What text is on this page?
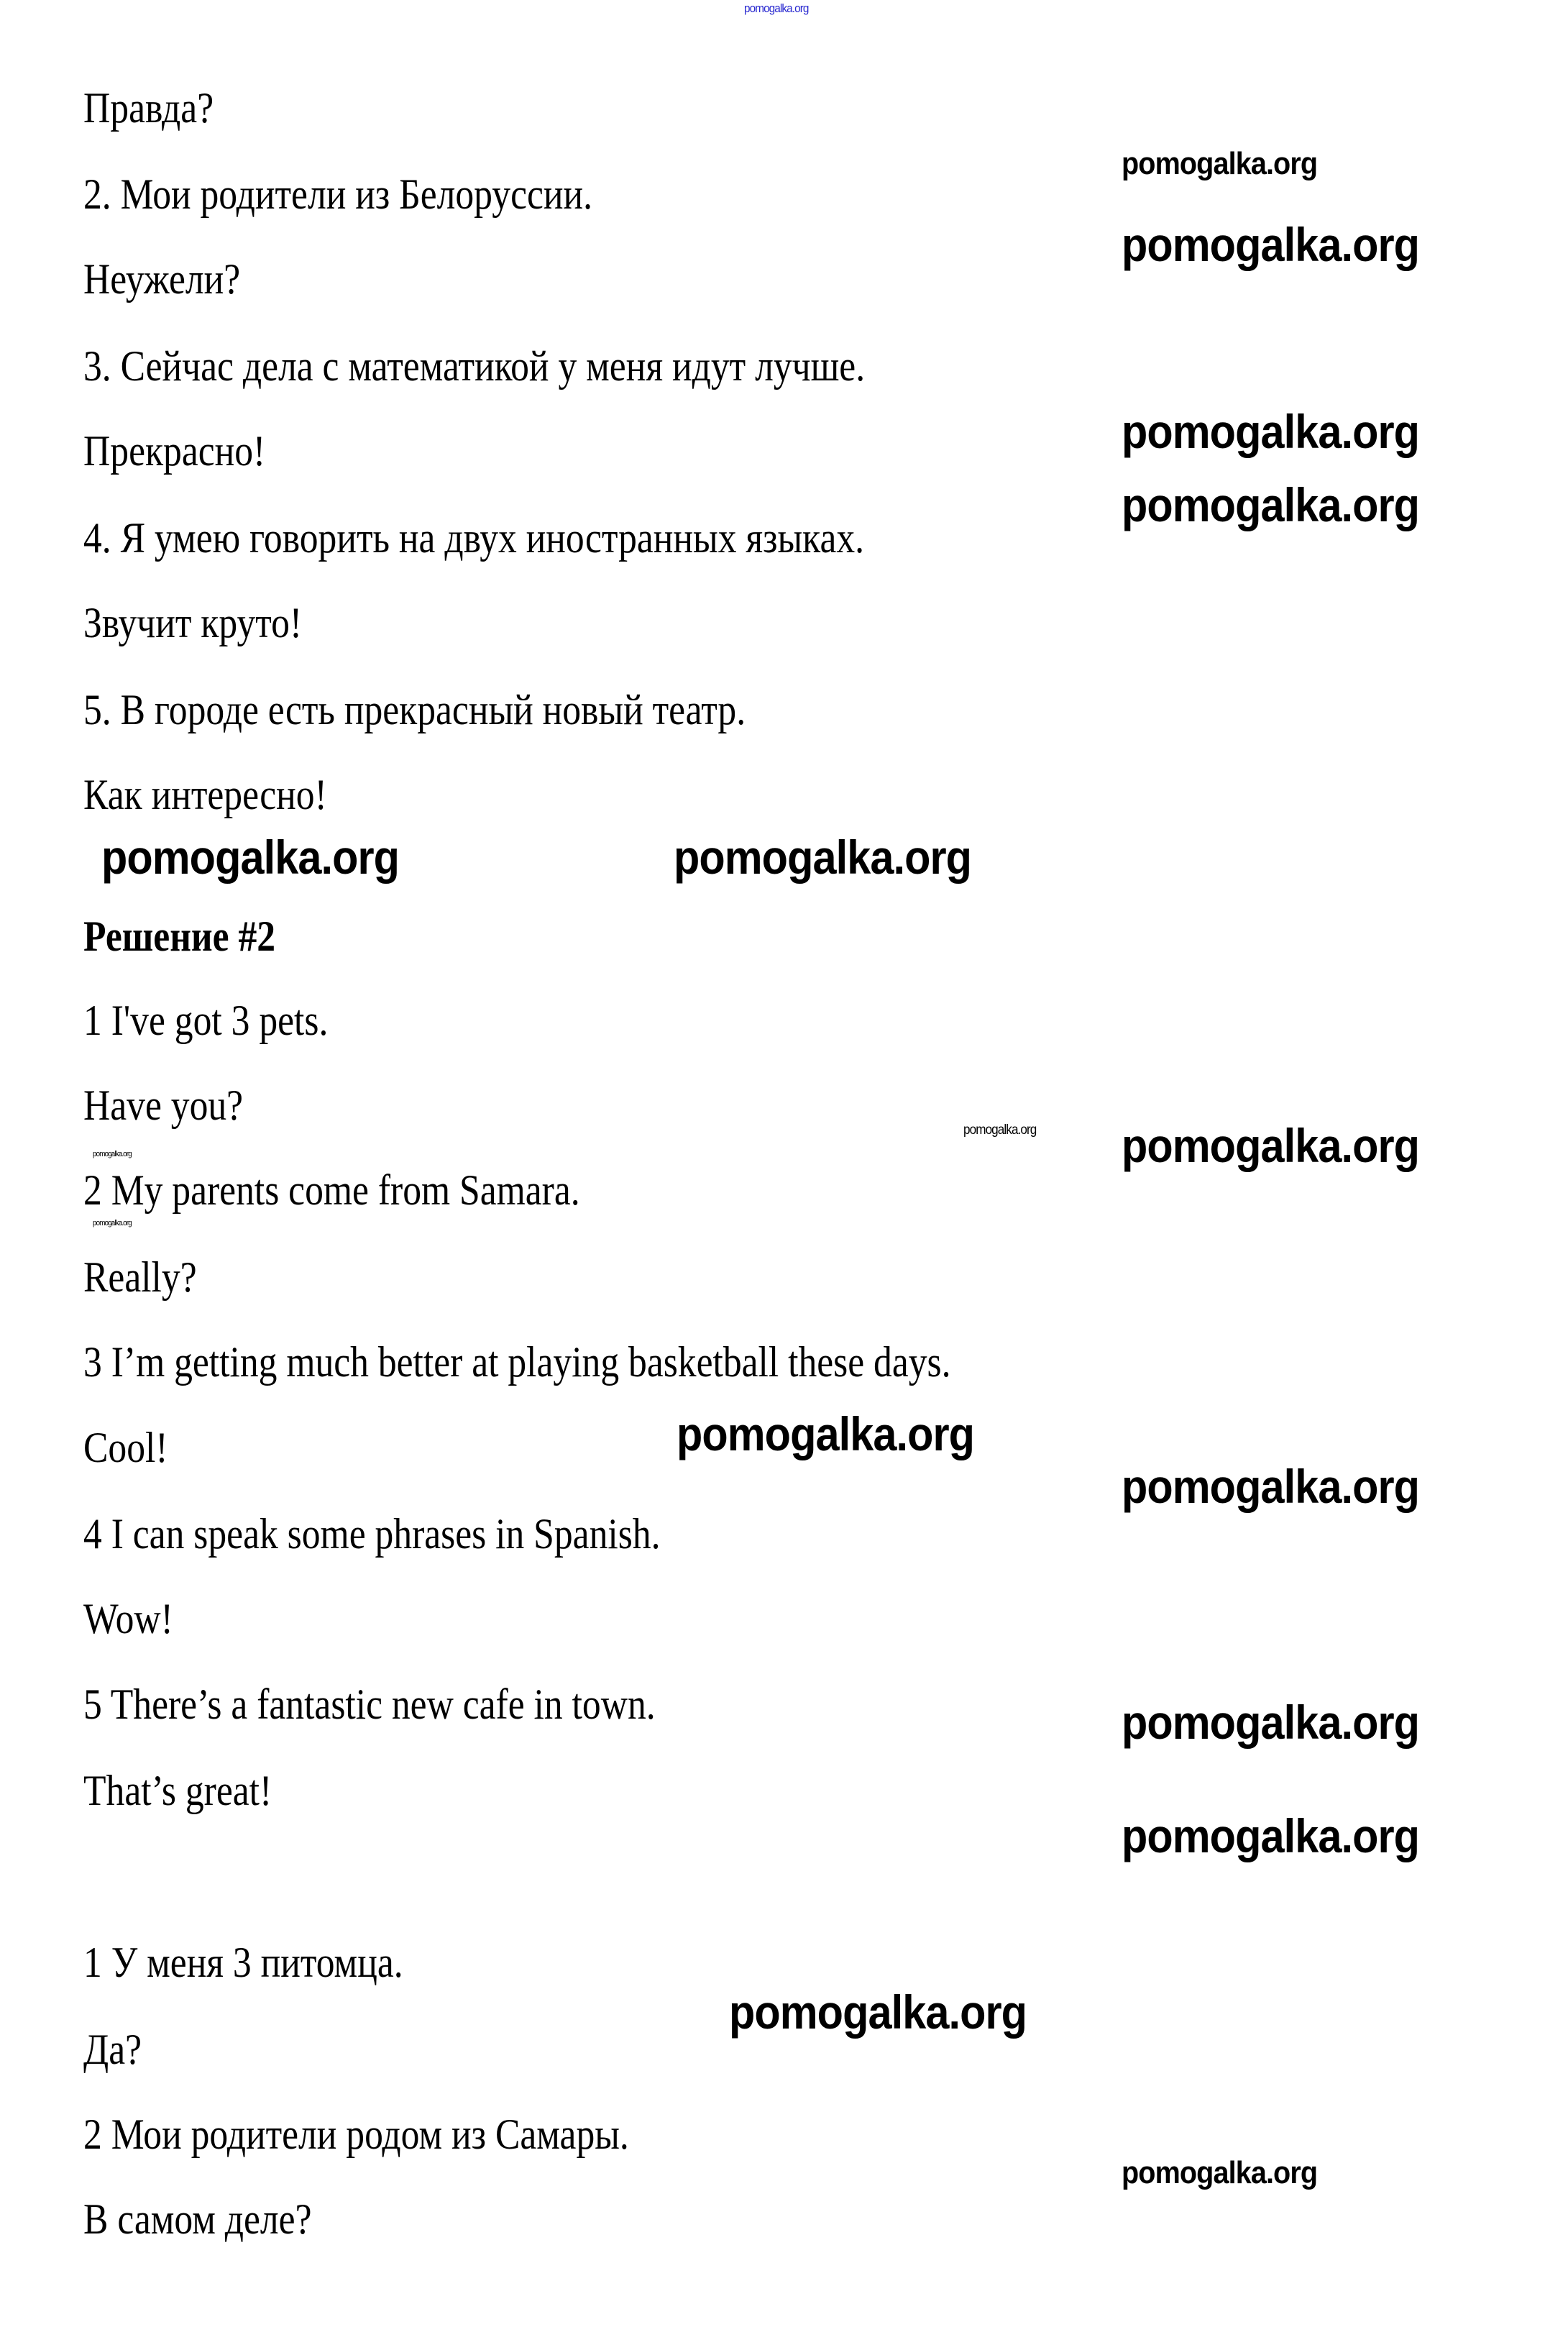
pomogalka.org
Правда?
2. Мои родители из Белоруссии.
Неужели?
3. Сейчас дела с математикой у меня идут лучше.
Прекрасно!
4. Я умею говорить на двух иностранных языках.
Звучит круто!
5. В городе есть прекрасный новый театр.
Как интересно!
Решение #2
1 I've got 3 pets.
Have you?
2 My parents come from Samara.
Really?
3 I’m getting much better at playing basketball these days.
Cool!
4 I can speak some phrases in Spanish.
Wow!
5 There’s a fantastic new cafe in town.
That’s great!
1 У меня 3 питомца.
Да?
2 Мои родители родом из Самары.
В самом деле?
pomogalka.org
pomogalka.org
pomogalka.org
pomogalka.org
pomogalka.org	pomogalka.org
pomogalka.org
pomogalka.org
pomogalka.org
pomogalka.org
pomogalka.org
pomogalka.org
pomogalka.org
pomogalka.org
pomogalka.org
pomogalka.org
